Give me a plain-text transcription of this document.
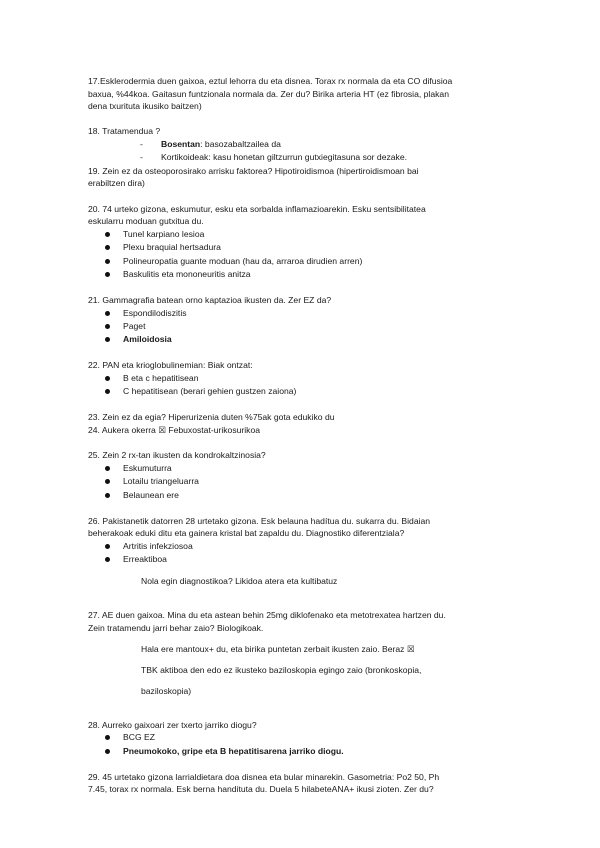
17.Esklerodermia duen gaixoa, eztul lehorra du eta disnea. Torax rx normala da eta CO difusioa

baxua, %44koa. Gaitasun funtzionala normala da. Zer du? Birika arteria HT (ez fibrosia, plakan

dena txurituta ikusiko baitzen)

18. Tratamendua ?

- Bosentan: basozabaltzailea da
- Kortikoideak: kasu honetan giltzurrun gutxiegitasuna sor dezake.

19. Zein ez da osteoporosirako arrisku faktorea? Hipotiroidismoa (hipertiroidismoan bai

erabiltzen dira)

20. 74 urteko gizona, eskumutur, esku eta sorbalda inflamazioarekin. Esku sentsibilitatea

eskularru moduan gutxitua du.

Tunel karpiano lesioa
Plexu braquial hertsadura
Polineuropatia guante moduan (hau da, arraroa dirudien arren)
Baskulitis eta mononeuritis anitza

21. Gammagrafia batean orno kaptazioa ikusten da. Zer EZ da?

Espondilodiszitis
Paget
Amiloidosia

22. PAN eta krioglobulinemian: Biak ontzat:

B eta c hepatitisean
C hepatitisean (berari gehien gustzen zaiona)

23. Zein ez da egia? Hiperurizenia duten %75ak gota edukiko du

24. Aukera okerra ☒ Febuxostat-urikosurikoa

25. Zein 2 rx-tan ikusten da kondrokaltzinosia?

Eskumuturra
Lotailu triangeluarra
Belaunean ere

26. Pakistanetik datorren 28 urtetako gizona. Esk belauna hadítua du. sukarra du. Bidaian

beherakoak eduki ditu eta gainera kristal bat zapaldu du. Diagnostiko diferentziala?

Artritis infekziosoa
Erreaktiboa

Nola egin diagnostikoa? Likidoa atera eta kultibatuz

27. AE duen gaixoa. Mina du eta astean behin 25mg diklofenako eta metotrexatea hartzen du.

Zein tratamendu jarri behar zaio? Biologikoak.

Hala ere mantoux+ du, eta birika puntetan zerbait ikusten zaio. Beraz ☒

TBK aktiboa den edo ez ikusteko baziloskopia egingo zaio (bronkoskopia,

baziloskopia)

28. Aurreko gaixoari zer txerto jarriko diogu?

BCG EZ
Pneumokoko, gripe eta B hepatitisarena jarriko diogu.

29. 45 urtetako gizona larrialdietara doa disnea eta bular minarekin. Gasometria: Po2 50, Ph

7.45, torax rx normala. Esk berna handituta du. Duela 5 hilabeteANA+ ikusi zioten. Zer du?
